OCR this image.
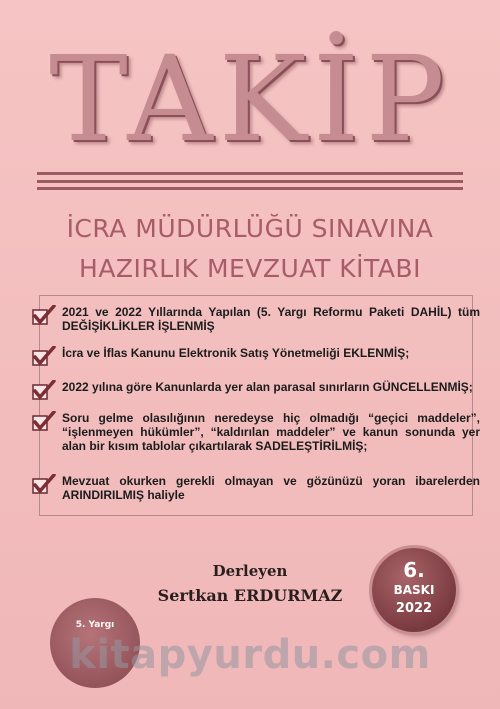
TAKİP
İCRA MÜDÜRLÜĞÜ SINAVINA
HAZIRLIK MEVZUAT KİTABI
2021 ve 2022 Yıllarında Yapılan (5. Yargı Reformu Paketi DAHİL) tüm DEĞİŞİKLİKLER İŞLENMİŞ
İcra ve İflas Kanunu Elektronik Satış Yönetmeliği EKLENMİŞ;
2022 yılına göre Kanunlarda yer alan parasal sınırların GÜNCELLENMİŞ;
Soru gelme olasılığının neredeyse hiç olmadığı “geçici maddeler”, “işlenmeyen hükümler”, “kaldırılan maddeler” ve kanun sonunda yer alan bir kısım tablolar çıkartılarak SADELEŞTİRİLMİŞ;
Mevzuat okurken gerekli olmayan ve gözünüzü yoran ibarelerden ARINDIRILMIŞ haliyle
Derleyen
Sertkan ERDURMAZ
6.
BASKI
2022
5. Yargı
kitapyurdu.com
